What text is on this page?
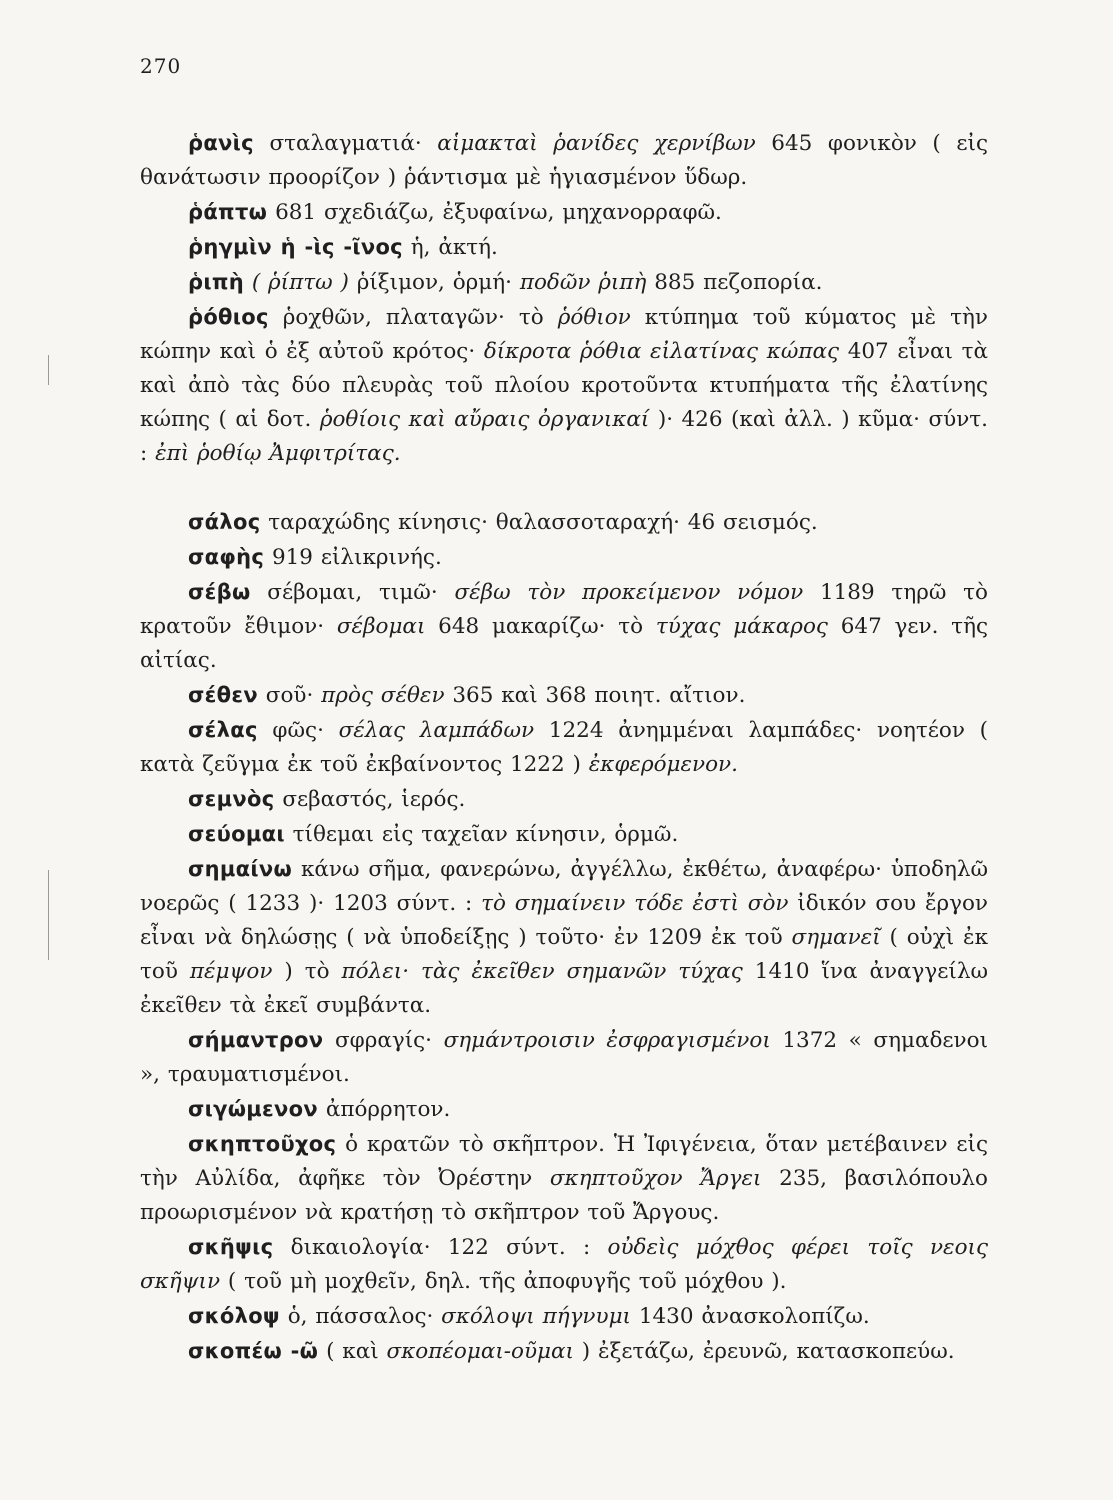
270

ῥανὶς σταλαγματιά· αἱμακταὶ ῥανίδες χερνίβων 645 φονικὸν ( εἰς θανάτωσιν προορίζον ) ῥάντισμα μὲ ἡγιασμένον ὕδωρ.

ῥάπτω 681 σχεδιάζω, ἐξυφαίνω, μηχανορραφῶ.

ῥηγμὶν ἡ -ὶς -ῖνος ἡ, ἀκτή.

ῥιπὴ ( ῥίπτω ) ῥίξιμον, ὁρμή· ποδῶν ῥιπὴ 885 πεζοπορία.

ῥόθιος ῥοχθῶν, πλαταγῶν· τὸ ῥόθιον κτύπημα τοῦ κύματος μὲ τὴν κώπην καὶ ὁ ἐξ αὐτοῦ κρότος· δίκροτα ῥόθια εἰλατίνας κώπας 407 εἶναι τὰ καὶ ἀπὸ τὰς δύο πλευρὰς τοῦ πλοίου κροτοῦντα κτυπήματα τῆς ἐλατίνης κώπης ( αἱ δοτ. ῥοθίοις καὶ αὔραις ὀργανικαί )· 426 (καὶ ἀλλ. ) κῦμα· σύντ. : ἐπὶ ῥοθίῳ Ἀμφιτρίτας.

σάλος ταραχώδης κίνησις· θαλασσοταραχή· 46 σεισμός.

σαφὴς 919 εἰλικρινής.

σέβω σέβομαι, τιμῶ· σέβω τὸν προκείμενον νόμον 1189 τηρῶ τὸ κρατοῦν ἔθιμον· σέβομαι 648 μακαρίζω· τὸ τύχας μάκαρος 647 γεν. τῆς αἰτίας.

σέθεν σοῦ· πρὸς σέθεν 365 καὶ 368 ποιητ. αἴτιον.

σέλας φῶς· σέλας λαμπάδων 1224 ἀνημμέναι λαμπάδες· νοητέον ( κατὰ ζεῦγμα ἐκ τοῦ ἐκβαίνοντος 1222 ) ἐκφερόμενον.

σεμνὸς σεβαστός, ἱερός.

σεύομαι τίθεμαι εἰς ταχεῖαν κίνησιν, ὁρμῶ.

σημαίνω κάνω σῆμα, φανερώνω, ἀγγέλλω, ἐκθέτω, ἀναφέρω· ὑποδηλῶ νοερῶς ( 1233 )· 1203 σύντ. : τὸ σημαίνειν τόδε ἐστὶ σὸν ἰδικόν σου ἔργον εἶναι νὰ δηλώσῃς ( νὰ ὑποδείξῃς ) τοῦτο· ἐν 1209 ἐκ τοῦ σημανεῖ ( οὐχὶ ἐκ τοῦ πέμψον ) τὸ πόλει· τὰς ἐκεῖθεν σημανῶν τύχας 1410 ἵνα ἀναγγείλω ἐκεῖθεν τὰ ἐκεῖ συμβάντα.

σήμαντρον σφραγίς· σημάντροισιν ἐσφραγισμένοι 1372 « σημαδενοι », τραυματισμένοι.

σιγώμενον ἀπόρρητον.

σκηπτοῦχος ὁ κρατῶν τὸ σκῆπτρον. Ἡ Ἰφιγένεια, ὅταν μετέβαινεν εἰς τὴν Αὐλίδα, ἀφῆκε τὸν Ὀρέστην σκηπτοῦχον Ἄργει 235, βασιλόπουλο προωρισμένον νὰ κρατήσῃ τὸ σκῆπτρον τοῦ Ἄργους.

σκῆψις δικαιολογία· 122 σύντ. : οὐδεὶς μόχθος φέρει τοῖς νεοις σκῆψιν ( τοῦ μὴ μοχθεῖν, δηλ. τῆς ἀποφυγῆς τοῦ μόχθου ).

σκόλοψ ὁ, πάσσαλος· σκόλοψι πήγνυμι 1430 ἀνασκολοπίζω.

σκοπέω -ῶ ( καὶ σκοπέομαι-οῦμαι ) ἐξετάζω, ἐρευνῶ, κατασκοπεύω.
